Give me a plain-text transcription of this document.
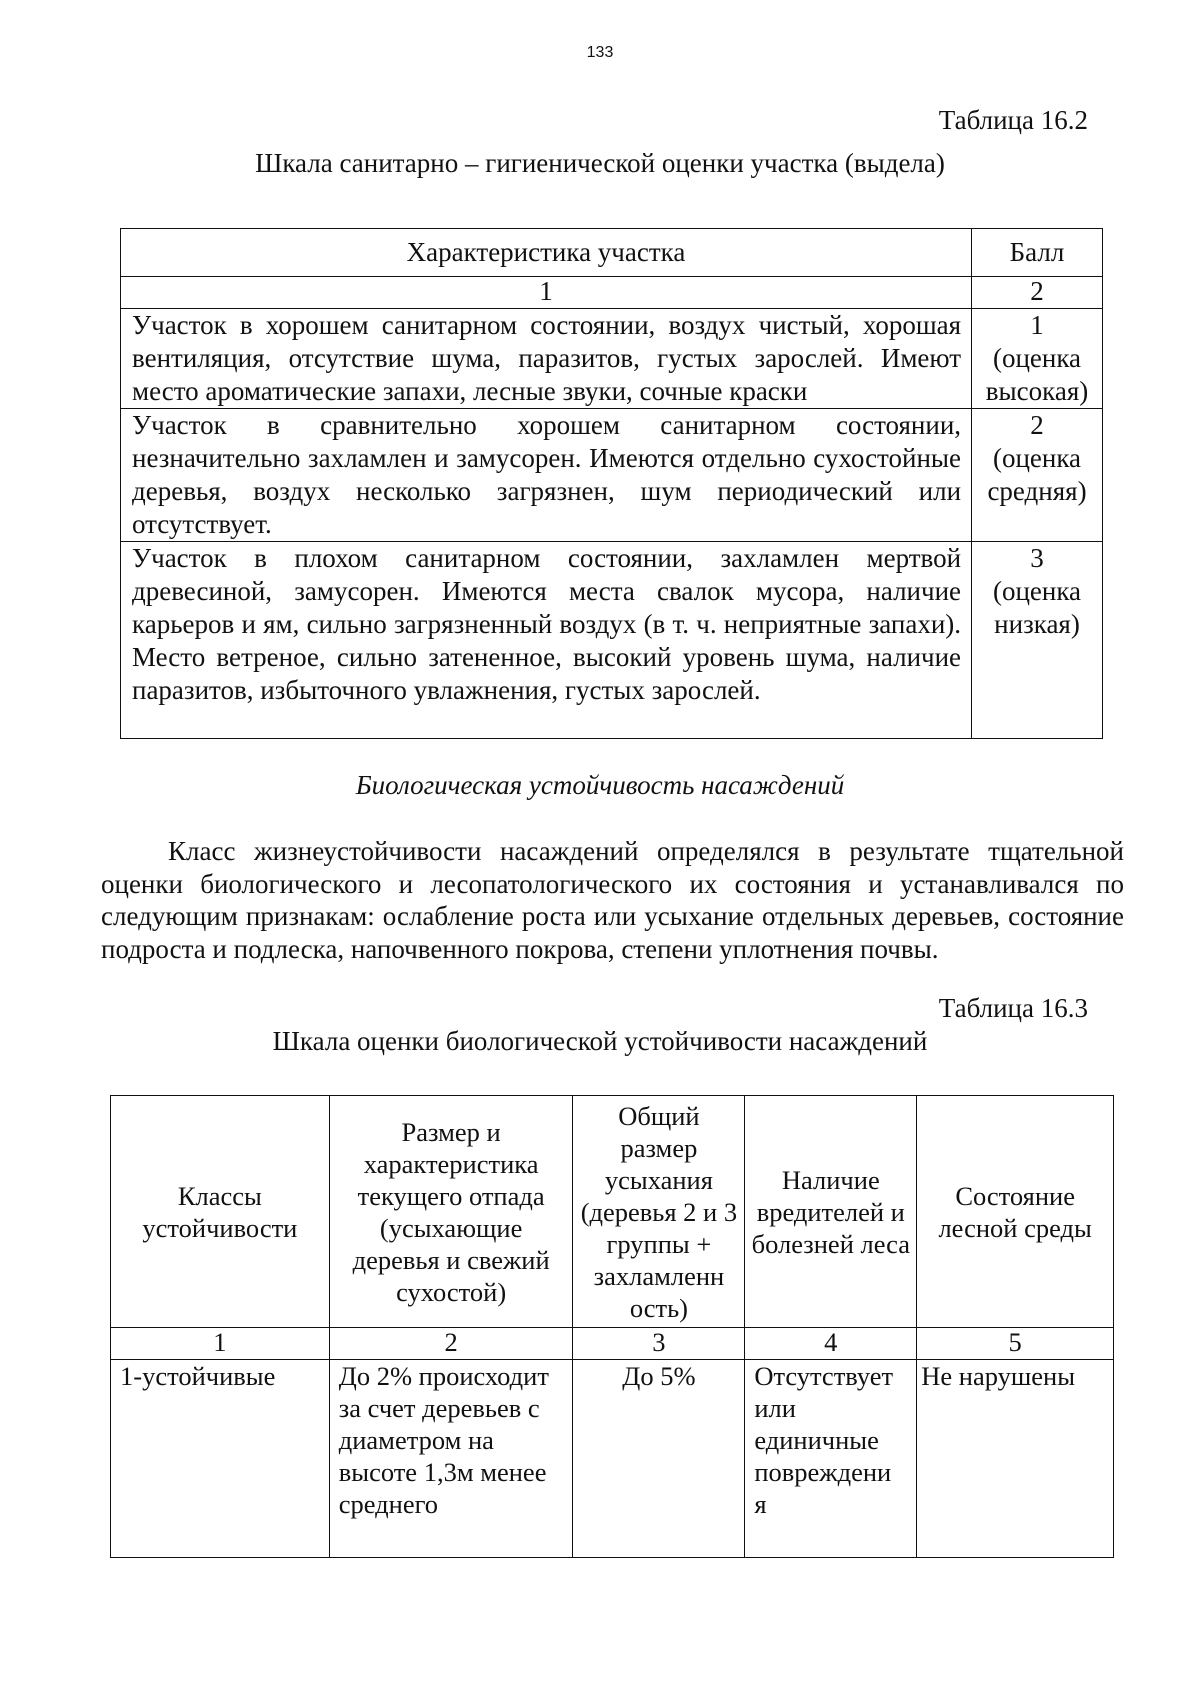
133
Таблица 16.2
Шкала санитарно – гигиенической оценки участка (выдела)
Характеристика участка	Балл
1	2
Участок в хорошем санитарном состоянии, воздух чистый, хорошая вентиляция, отсутствие шума, паразитов, густых зарослей. Имеют место ароматические запахи, лесные звуки, сочные краски	1
(оценка высокая)

Участок в сравнительно хорошем санитарном состоянии, незначительно захламлен и замусорен. Имеются отдельно сухостойные деревья, воздух несколько загрязнен, шум периодический или отсутствует.	2
(оценка средняя)

Участок в плохом санитарном состоянии, захламлен мертвой древесиной, замусорен. Имеются места свалок мусора, наличие карьеров и ям, сильно загрязненный воздух (в т. ч. неприятные запахи). Место ветреное, сильно затененное, высокий уровень шума, наличие паразитов, избыточного увлажнения, густых зарослей.	3
(оценка низкая)
Биологическая устойчивость насаждений

Класс жизнеустойчивости насаждений определялся в результате тщательной оценки биологического и лесопатологического их состояния и устанавливался по следующим признакам: ослабление роста или усыхание отдельных деревьев, состояние подроста и подлеска, напочвенного покрова, степени уплотнения почвы.

Таблица 16.3
Шкала оценки биологической устойчивости насаждений
Классы устойчивости	Размер и характеристика текущего отпада (усыхающие деревья и свежий сухостой)	Общий размер усыхания (деревья 2 и 3 группы + захламленн ость)	Наличие вредителей и болезней леса	Состояние лесной среды
1	2	3	4	5
1-устойчивые	До 2% происходит за счет деревьев с диаметром на высоте 1,3м менее среднего	До 5%	Отсутствует или единичные повреждени я	Не нарушены
